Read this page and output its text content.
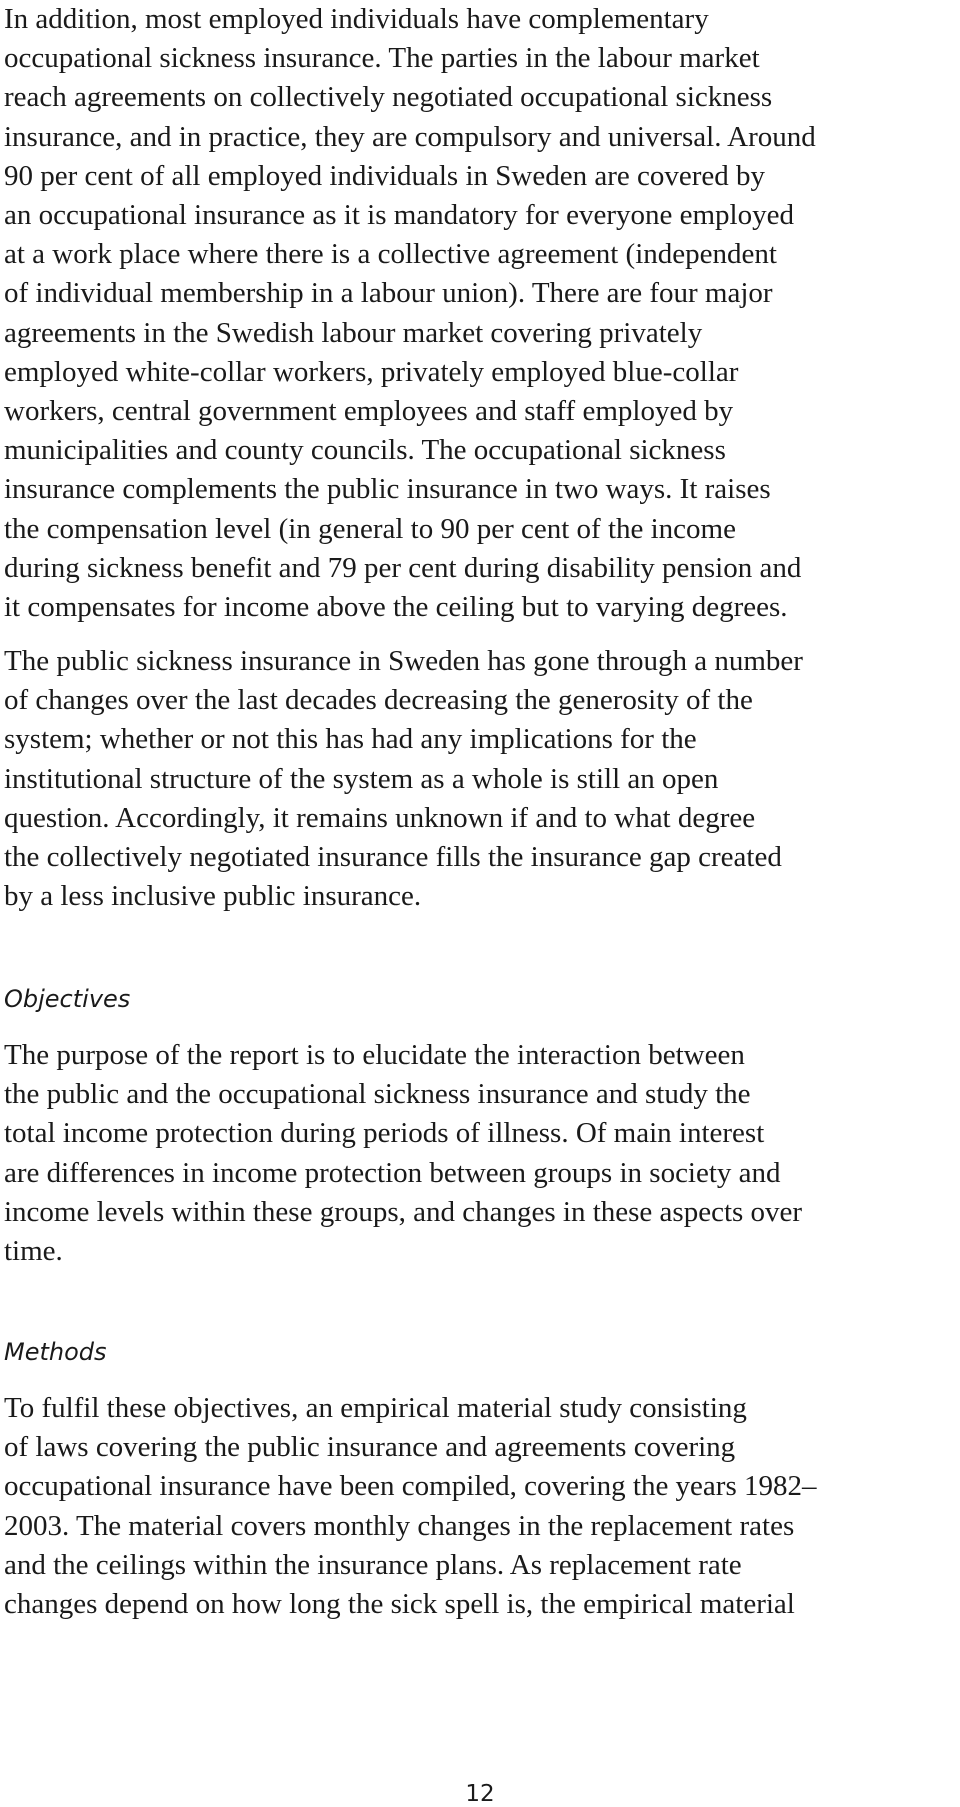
In addition, most employed individuals have complementary
occupational sickness insurance. The parties in the labour market
reach agreements on collectively negotiated occupational sickness
insurance, and in practice, they are compulsory and universal. Around
90 per cent of all employed individuals in Sweden are covered by
an occupational insurance as it is mandatory for everyone employed
at a work place where there is a collective agreement (independent
of individual membership in a labour union). There are four major
agreements in the Swedish labour market covering privately
employed white-collar workers, privately employed blue-collar
workers, central government employees and staff employed by
municipalities and county councils. The occupational sickness
insurance complements the public insurance in two ways. It raises
the compensation level (in general to 90 per cent of the income
during sickness benefit and 79 per cent during disability pension and
it compensates for income above the ceiling but to varying degrees.
The public sickness insurance in Sweden has gone through a number
of changes over the last decades decreasing the generosity of the
system; whether or not this has had any implications for the
institutional structure of the system as a whole is still an open
question. Accordingly, it remains unknown if and to what degree
the collectively negotiated insurance fills the insurance gap created
by a less inclusive public insurance.
Objectives
The purpose of the report is to elucidate the interaction between
the public and the occupational sickness insurance and study the
total income protection during periods of illness. Of main interest
are differences in income protection between groups in society and
income levels within these groups, and changes in these aspects over
time.
Methods
To fulfil these objectives, an empirical material study consisting
of laws covering the public insurance and agreements covering
occupational insurance have been compiled, covering the years 1982–
2003. The material covers monthly changes in the replacement rates
and the ceilings within the insurance plans. As replacement rate
changes depend on how long the sick spell is, the empirical material
12
